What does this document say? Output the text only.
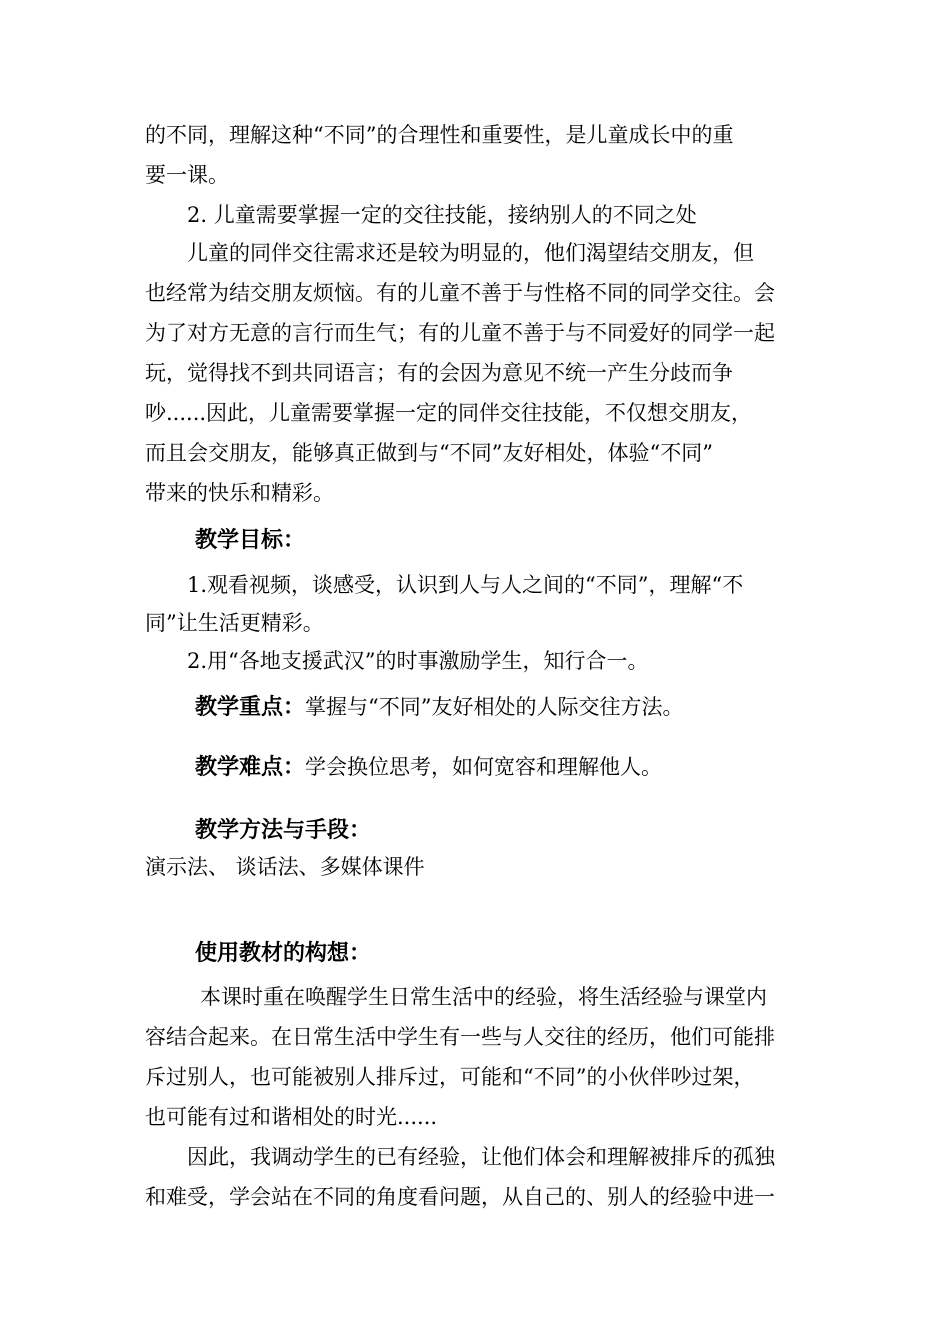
的不同，理解这种“不同”的合理性和重要性，是儿童成长中的重
要一课。
2. 儿童需要掌握一定的交往技能，接纳别人的不同之处
儿童的同伴交往需求还是较为明显的，他们渴望结交朋友，但
也经常为结交朋友烦恼。有的儿童不善于与性格不同的同学交往。会
为了对方无意的言行而生气；有的儿童不善于与不同爱好的同学一起
玩，觉得找不到共同语言；有的会因为意见不统一产生分歧而争
吵......因此，儿童需要掌握一定的同伴交往技能，不仅想交朋友，
而且会交朋友，能够真正做到与“不同”友好相处，体验“不同”
带来的快乐和精彩。
教学目标：
1.观看视频，谈感受，认识到人与人之间的“不同”，理解“不
同”让生活更精彩。
2.用“各地支援武汉”的时事激励学生，知行合一。
教学重点：掌握与“不同”友好相处的人际交往方法。
教学难点：学会换位思考，如何宽容和理解他人。
教学方法与手段：
演示法、 谈话法、多媒体课件
使用教材的构想：
本课时重在唤醒学生日常生活中的经验，将生活经验与课堂内
容结合起来。在日常生活中学生有一些与人交往的经历，他们可能排
斥过别人，也可能被别人排斥过，可能和“不同”的小伙伴吵过架，
也可能有过和谐相处的时光......
因此，我调动学生的已有经验，让他们体会和理解被排斥的孤独
和难受，学会站在不同的角度看问题，从自己的、别人的经验中进一
